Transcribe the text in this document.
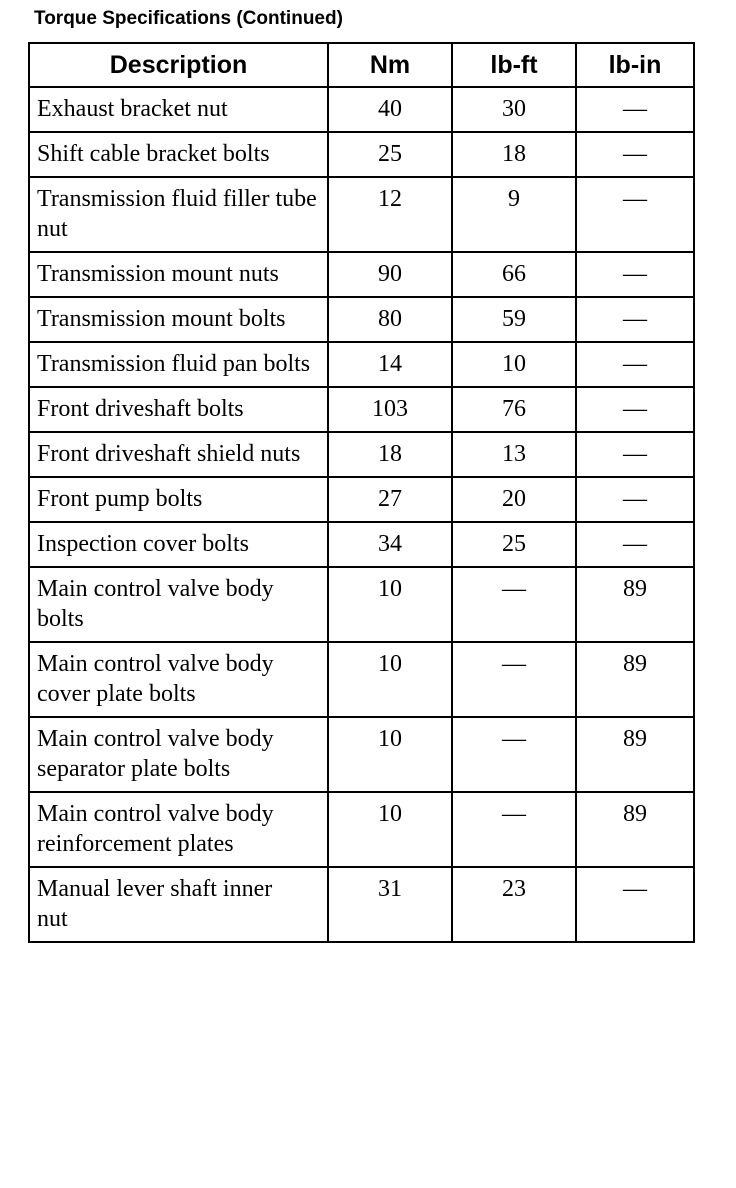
Torque Specifications (Continued)
Description	Nm	lb-ft	lb-in
Exhaust bracket nut	40	30	—
Shift cable bracket bolts	25	18	—
Transmission fluid filler tube nut	12	9	—
Transmission mount nuts	90	66	—
Transmission mount bolts	80	59	—
Transmission fluid pan bolts	14	10	—
Front driveshaft bolts	103	76	—
Front driveshaft shield nuts	18	13	—
Front pump bolts	27	20	—
Inspection cover bolts	34	25	—
Main control valve body bolts	10	—	89
Main control valve body cover plate bolts	10	—	89
Main control valve body separator plate bolts	10	—	89
Main control valve body reinforcement plates	10	—	89
Manual lever shaft inner nut	31	23	—
